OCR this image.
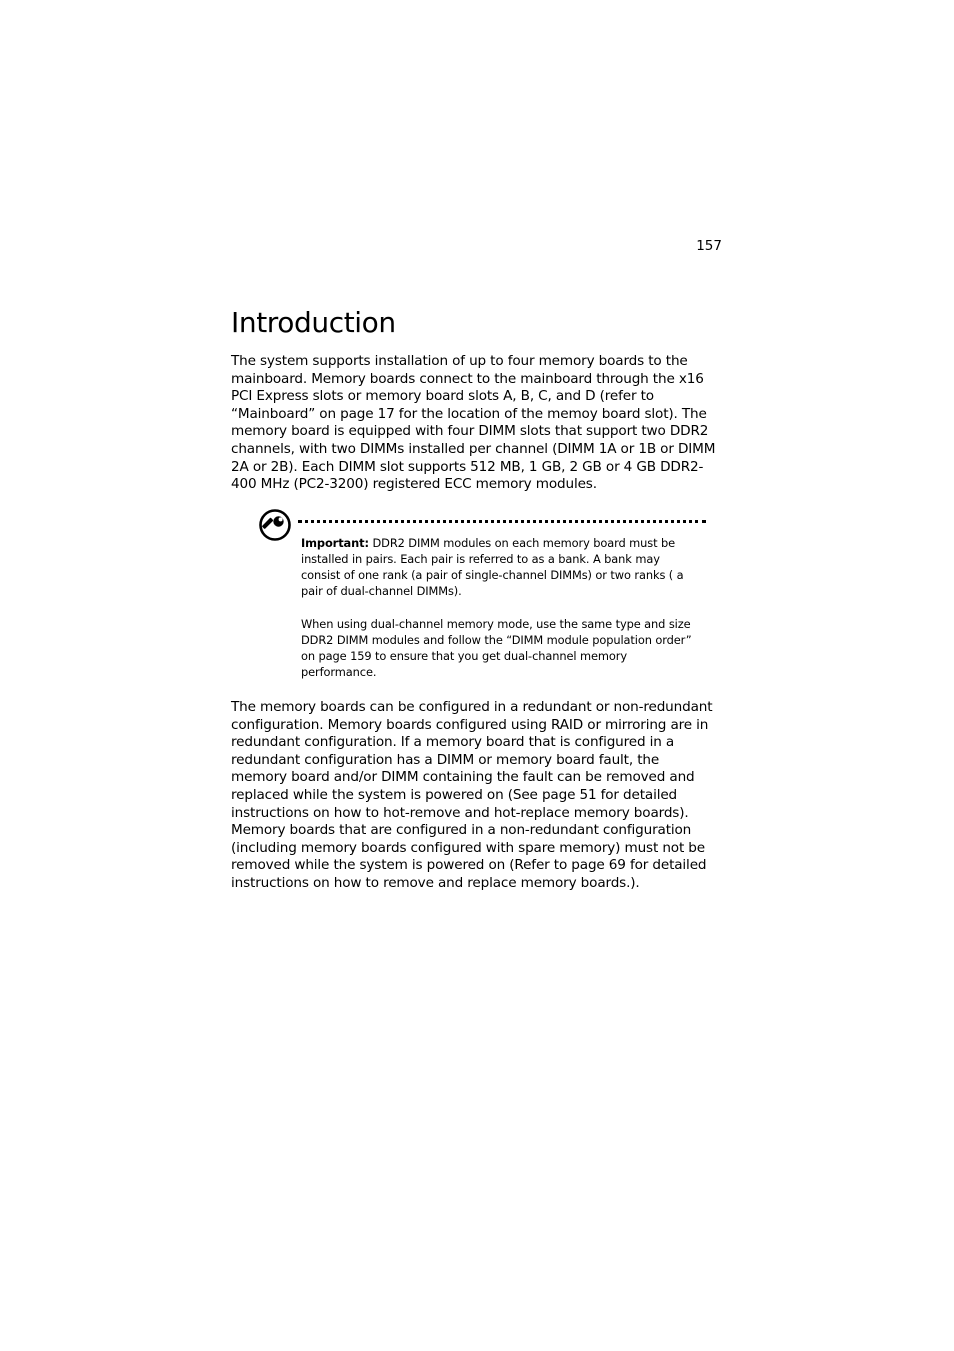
157
Introduction

The system supports installation of up to four memory boards to the mainboard. Memory boards connect to the mainboard through the x16 PCI Express slots or memory board slots A, B, C, and D (refer to “Mainboard” on page 17 for the location of the memoy board slot). The memory board is equipped with four DIMM slots that support two DDR2 channels, with two DIMMs installed per channel (DIMM 1A or 1B or DIMM 2A or 2B). Each DIMM slot supports 512 MB, 1 GB, 2 GB or 4 GB DDR2-400 MHz (PC2-3200) registered ECC memory modules.

Important: DDR2 DIMM modules on each memory board must be installed in pairs. Each pair is referred to as a bank. A bank may consist of one rank (a pair of single-channel DIMMs) or two ranks ( a pair of dual-channel DIMMs).

When using dual-channel memory mode, use the same type and size DDR2 DIMM modules and follow the “DIMM module population order” on page 159 to ensure that you get dual-channel memory performance.

The memory boards can be configured in a redundant or non-redundant configuration. Memory boards configured using RAID or mirroring are in redundant configuration. If a memory board that is configured in a redundant configuration has a DIMM or memory board fault, the memory board and/or DIMM containing the fault can be removed and replaced while the system is powered on (See page 51 for detailed instructions on how to hot-remove and hot-replace memory boards). Memory boards that are configured in a non-redundant configuration (including memory boards configured with spare memory) must not be removed while the system is powered on (Refer to page 69 for detailed instructions on how to remove and replace memory boards.).
